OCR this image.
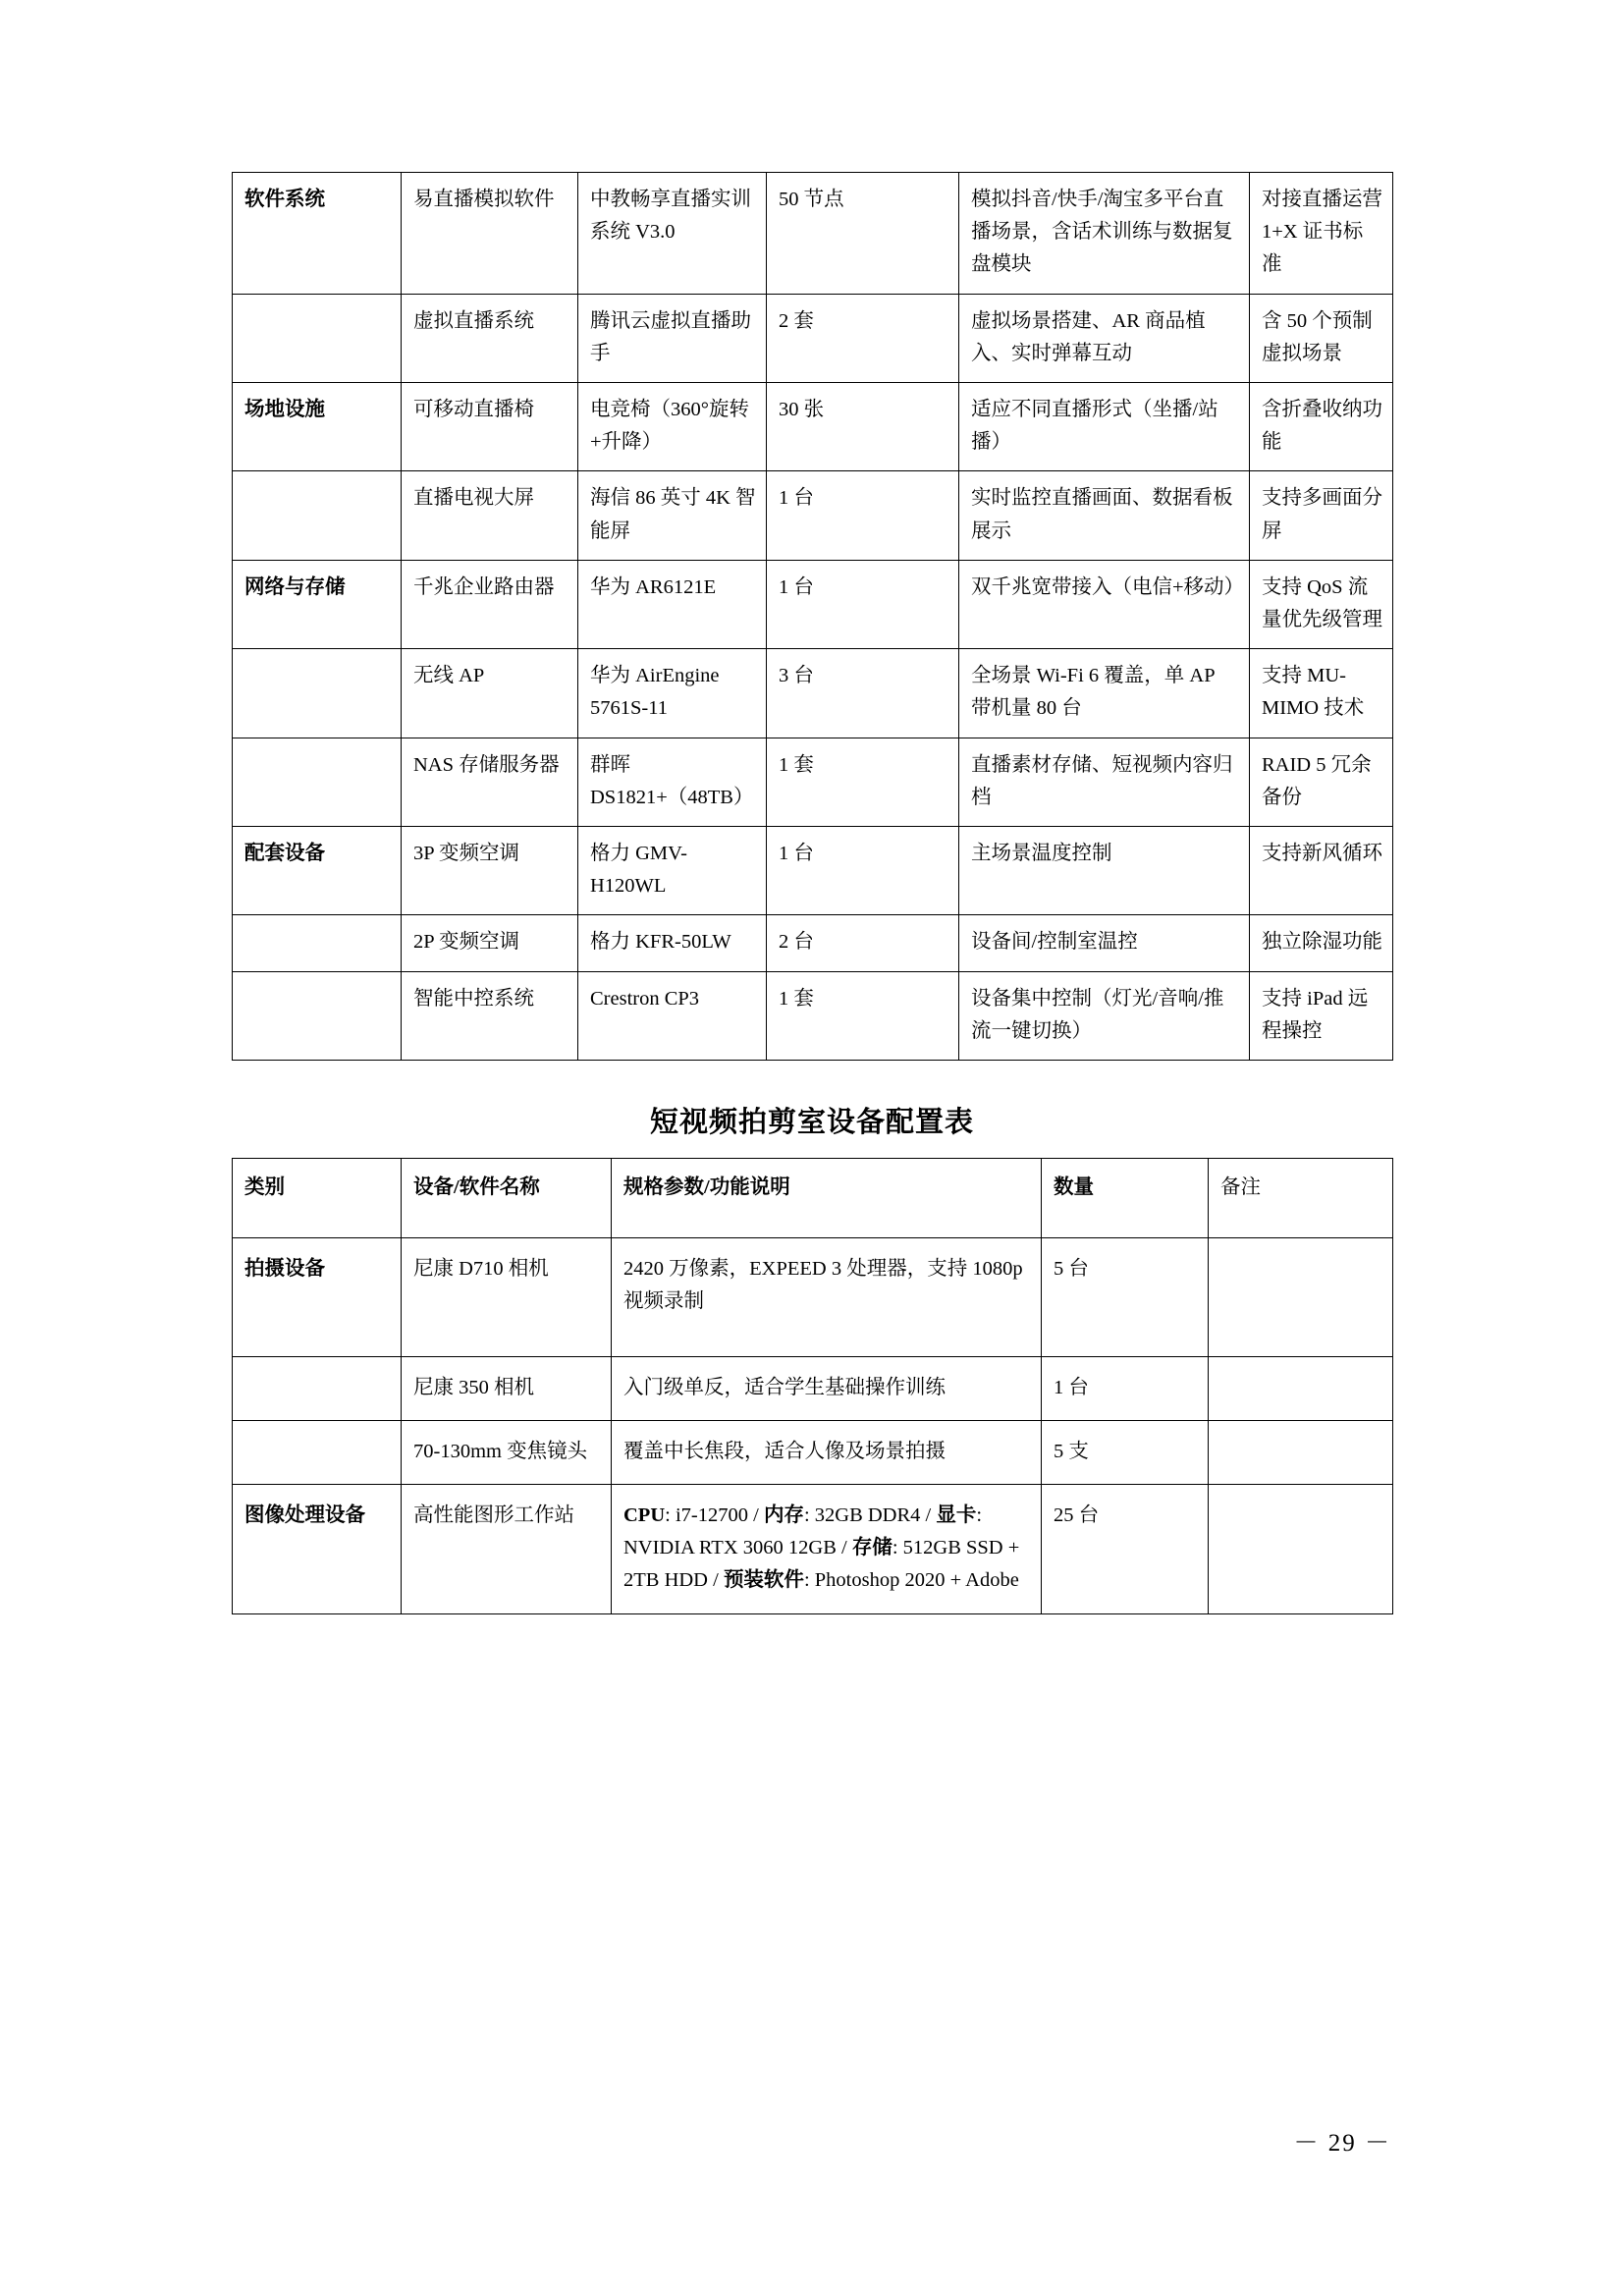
软件系统	易直播模拟软件	中教畅享直播实训系统 V3.0	50 节点	模拟抖音/快手/淘宝多平台直播场景，含话术训练与数据复盘模块	对接直播运营 1+X 证书标准
	虚拟直播系统	腾讯云虚拟直播助手	2 套	虚拟场景搭建、AR 商品植入、实时弹幕互动	含 50 个预制虚拟场景
场地设施	可移动直播椅	电竞椅（360°旋转+升降）	30 张	适应不同直播形式（坐播/站播）	含折叠收纳功能
	直播电视大屏	海信 86 英寸 4K 智能屏	1 台	实时监控直播画面、数据看板展示	支持多画面分屏
网络与存储	千兆企业路由器	华为 AR6121E	1 台	双千兆宽带接入（电信+移动）	支持 QoS 流量优先级管理
	无线 AP	华为 AirEngine 5761S-11	3 台	全场景 Wi-Fi 6 覆盖，单 AP 带机量 80 台	支持 MU-MIMO 技术
	NAS 存储服务器	群晖 DS1821+（48TB）	1 套	直播素材存储、短视频内容归档	RAID 5 冗余备份
配套设备	3P 变频空调	格力 GMV-H120WL	1 台	主场景温度控制	支持新风循环
	2P 变频空调	格力 KFR-50LW	2 台	设备间/控制室温控	独立除湿功能
	智能中控系统	Crestron CP3	1 套	设备集中控制（灯光/音响/推流一键切换）	支持 iPad 远程操控
短视频拍剪室设备配置表
类别	设备/软件名称	规格参数/功能说明	数量	备注
拍摄设备	尼康 D710 相机	2420 万像素，EXPEED 3 处理器，支持 1080p 视频录制	5 台	
	尼康 350 相机	入门级单反，适合学生基础操作训练	1 台	
	70-130mm 变焦镜头	覆盖中长焦段，适合人像及场景拍摄	5 支	
图像处理设备	高性能图形工作站	CPU: i7-12700 / 内存: 32GB DDR4 / 显卡: NVIDIA RTX 3060 12GB / 存储: 512GB SSD + 2TB HDD / 预装软件: Photoshop 2020 + Adobe	25 台	
－ 29 －
